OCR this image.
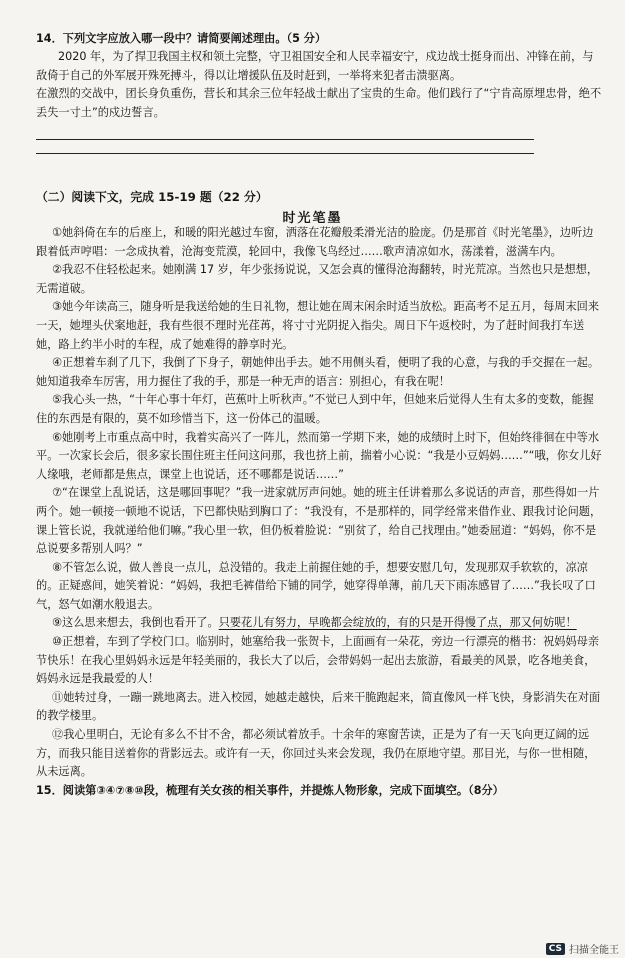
14．下列文字应放入哪一段中？请简要阐述理由。（5 分）

2020 年，为了捍卫我国主权和领土完整，守卫祖国安全和人民幸福安宁，戍边战士挺身而出、冲锋在前，与敌倚于自己的外军展开殊死搏斗，得以让增援队伍及时赶到，一举将来犯者击溃驱离。

在激烈的交战中，团长身负重伤，营长和其余三位年轻战士献出了宝贵的生命。他们践行了“宁肯高原埋忠骨，绝不丢失一寸土”的戍边誓言。

（二）阅读下文，完成 15-19 题（22 分）
时光笔墨

①她斜倚在车的后座上，和暖的阳光越过车窗，洒落在花瓣般柔滑光洁的脸庞。仍是那首《时光笔墨》，边听边跟着低声哼唱：一念成执着，沧海变荒漠，轮回中，我像飞鸟经过……歌声清凉如水，荡漾着，滋满车内。

②我忍不住轻松起来。她刚满 17 岁，年少张扬说说，又怎会真的懂得沧海翻转，时光荒凉。当然也只是想想，无需道破。

③她今年读高三，随身听是我送给她的生日礼物，想让她在周末闲余时适当放松。距高考不足五月，每周末回来一天，她埋头伏案地赶，我有些很不理时光荏苒，将寸寸光阴捉入指尖。周日下午返校时，为了赶时间我打车送她，路上约半小时的车程，成了她难得的静享时光。

④正想着车刹了几下，我倒了下身子，朝她伸出手去。她不用侧头看，便明了我的心意，与我的手交握在一起。她知道我牵车厉害，用力握住了我的手，那是一种无声的语言：别担心，有我在呢！

⑤我心头一热，“十年心事十年灯，芭蕉叶上听秋声。”不觉已人到中年，但她来后觉得人生有太多的变数，能握住的东西是有限的，莫不如珍惜当下，这一份体己的温暖。

⑥她刚考上市重点高中时，我着实高兴了一阵儿，然而第一学期下来，她的成绩时上时下，但始终徘徊在中等水平。一次家长会后，很多家长围住班主任问这问那，我也挤上前，揣着小心说：“我是小豆妈妈……”“哦，你女儿好人缘哦，老师都是焦点，课堂上也说话，还不哪都是说话……”

⑦“在课堂上乱说话，这是哪回事呢？”我一进家就厉声问她。她的班主任讲着那么多说话的声音，那些得如一片两个。她一顿接一顿地不说话，下巴都快贴到胸口了：“我没有，不是那样的，同学经常来借作业、跟我讨论问题，课上管长说，我就递给他们嘛。”我心里一软，但仍板着脸说：“别贫了，给自己找理由。”她委屈道：“妈妈，你不是总说要多帮别人吗？”

⑧不管怎么说，做人善良一点儿，总没错的。我走上前握住她的手，想要安慰几句，发现那双手软软的，凉凉的。正疑惑间，她笑着说：“妈妈，我把毛裤借给下铺的同学，她穿得单薄，前几天下雨冻感冒了……”我长叹了口气，怒气如潮水般退去。

⑨这么思来想去，我倒也看开了。只要花儿有努力，早晚都会绽放的，有的只是开得慢了点，那又何妨呢！

⑩正想着，车到了学校门口。临别时，她塞给我一张贺卡，上面画有一朵花，旁边一行漂亮的楷书：祝妈妈母亲节快乐！在我心里妈妈永远是年轻美丽的，我长大了以后，会带妈妈一起出去旅游，看最美的风景，吃各地美食，妈妈永远是我最爱的人！

⑪她转过身，一蹦一跳地离去。进入校园，她越走越快，后来干脆跑起来，简直像风一样飞快，身影消失在对面的教学楼里。

⑫我心里明白，无论有多么不甘不舍，都必须试着放手。十余年的寒窗苦读，正是为了有一天飞向更辽阔的远方，而我只能目送着你的背影远去。或许有一天，你回过头来会发现，我仍在原地守望。那目光，与你一世相随，从未远离。

15．阅读第③④⑦⑧⑩段，梳理有关女孩的相关事件，并提炼人物形象，完成下面填空。（8分）

CS 扫描全能王
